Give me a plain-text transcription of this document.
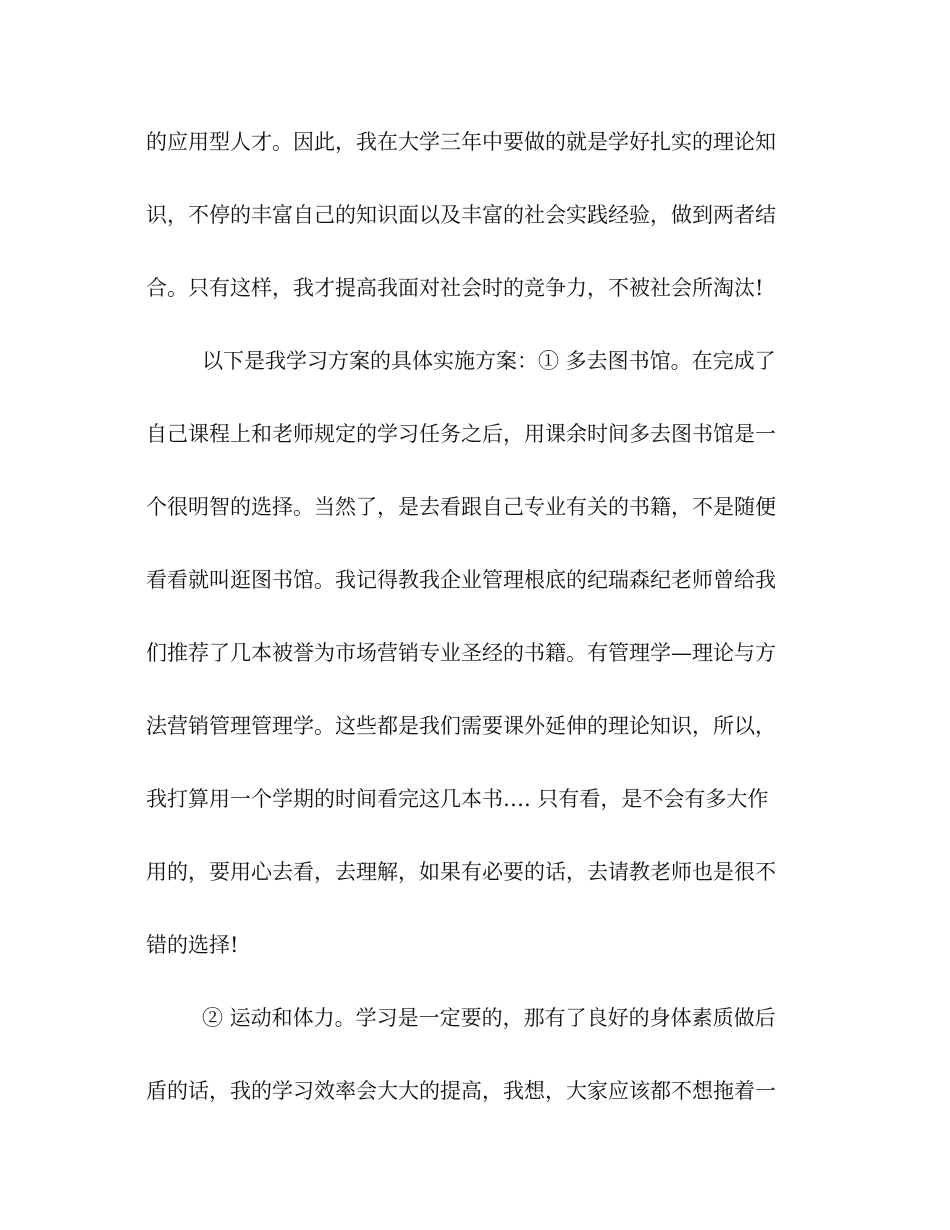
的应用型人才。因此，我在大学三年中要做的就是学好扎实的理论知
识，不停的丰富自己的知识面以及丰富的社会实践经验，做到两者结
合。只有这样，我才提高我面对社会时的竞争力，不被社会所淘汰!
以下是我学习方案的具体实施方案：① 多去图书馆。在完成了
自己课程上和老师规定的学习任务之后，用课余时间多去图书馆是一
个很明智的选择。当然了，是去看跟自己专业有关的书籍，不是随便
看看就叫逛图书馆。我记得教我企业管理根底的纪瑞森纪老师曾给我
们推荐了几本被誉为市场营销专业圣经的书籍。有管理学—理论与方
法营销管理管理学。这些都是我们需要课外延伸的理论知识，所以，
我打算用一个学期的时间看完这几本书…. 只有看，是不会有多大作
用的，要用心去看，去理解，如果有必要的话，去请教老师也是很不
错的选择!
② 运动和体力。学习是一定要的，那有了良好的身体素质做后
盾的话，我的学习效率会大大的提高，我想，大家应该都不想拖着一
